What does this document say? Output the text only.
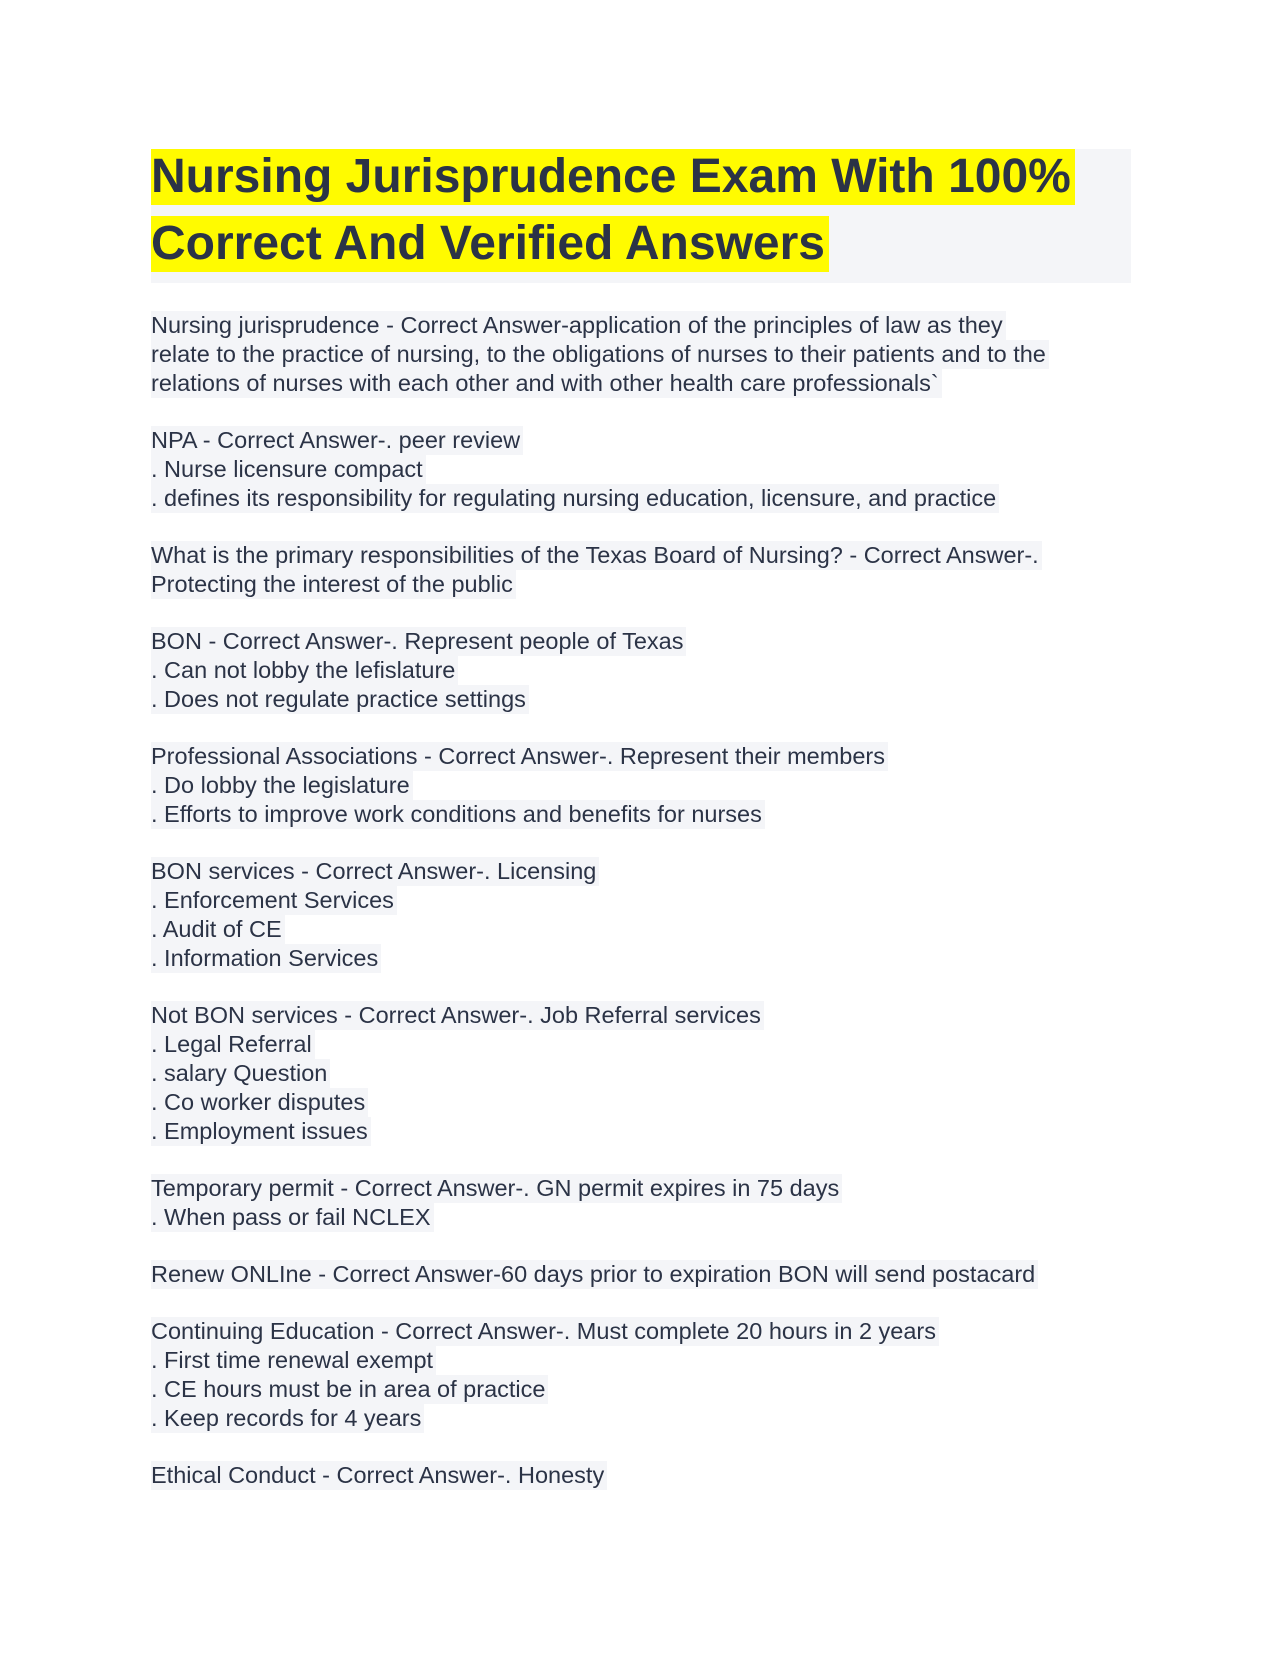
Nursing Jurisprudence Exam With 100%
Correct And Verified Answers
Nursing jurisprudence - Correct Answer-application of the principles of law as they
relate to the practice of nursing, to the obligations of nurses to their patients and to the
relations of nurses with each other and with other health care professionals`
NPA - Correct Answer-. peer review
. Nurse licensure compact
. defines its responsibility for regulating nursing education, licensure, and practice
What is the primary responsibilities of the Texas Board of Nursing? - Correct Answer-.
Protecting the interest of the public
BON - Correct Answer-. Represent people of Texas
. Can not lobby the lefislature
. Does not regulate practice settings
Professional Associations - Correct Answer-. Represent their members
. Do lobby the legislature
. Efforts to improve work conditions and benefits for nurses
BON services - Correct Answer-. Licensing
. Enforcement Services
. Audit of CE
. Information Services
Not BON services - Correct Answer-. Job Referral services
. Legal Referral
. salary Question
. Co worker disputes
. Employment issues
Temporary permit - Correct Answer-. GN permit expires in 75 days
. When pass or fail NCLEX
Renew ONLIne - Correct Answer-60 days prior to expiration BON will send postacard
Continuing Education - Correct Answer-. Must complete 20 hours in 2 years
. First time renewal exempt
. CE hours must be in area of practice
. Keep records for 4 years
Ethical Conduct - Correct Answer-. Honesty
